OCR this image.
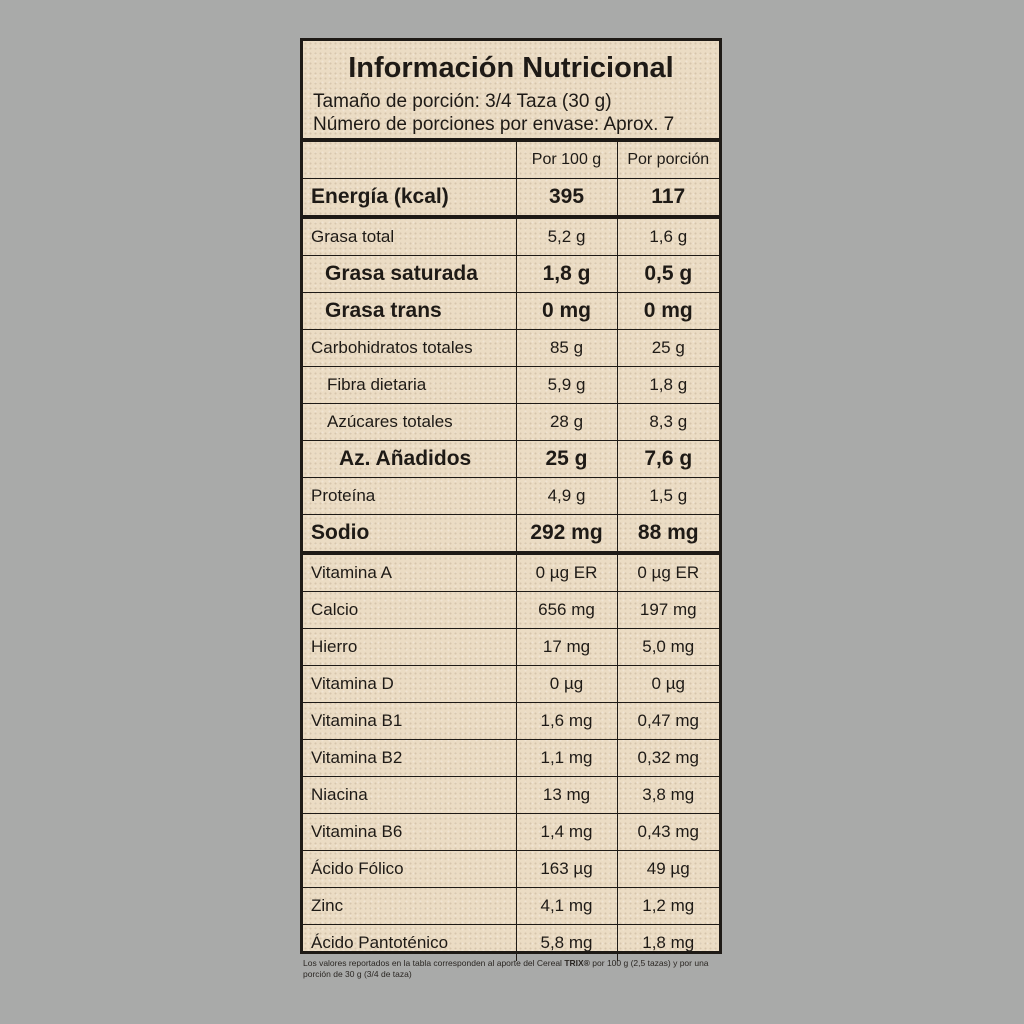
Información Nutricional
Tamaño de porción: 3/4 Taza (30 g)
Número de porciones por envase: Aprox. 7
	Por 100 g	Por porción
Energía (kcal)	395	117
Grasa total	5,2 g	1,6 g
Grasa saturada	1,8 g	0,5 g
Grasa trans	0 mg	0 mg
Carbohidratos totales	85 g	25 g
Fibra dietaria	5,9 g	1,8 g
Azúcares totales	28 g	8,3 g
Az. Añadidos	25 g	7,6 g
Proteína	4,9 g	1,5 g
Sodio	292 mg	88 mg
Vitamina A	0 µg ER	0 µg ER
Calcio	656 mg	197 mg
Hierro	17 mg	5,0 mg
Vitamina D	0 µg	0 µg
Vitamina B1	1,6 mg	0,47 mg
Vitamina B2	1,1 mg	0,32 mg
Niacina	13 mg	3,8 mg
Vitamina B6	1,4 mg	0,43 mg
Ácido Fólico	163 µg	49 µg
Zinc	4,1 mg	1,2 mg
Ácido Pantoténico	5,8 mg	1,8 mg
Los valores reportados en la tabla corresponden al aporte del Cereal TRIX® por 100 g (2,5 tazas) y por una porción de 30 g (3/4 de taza)
